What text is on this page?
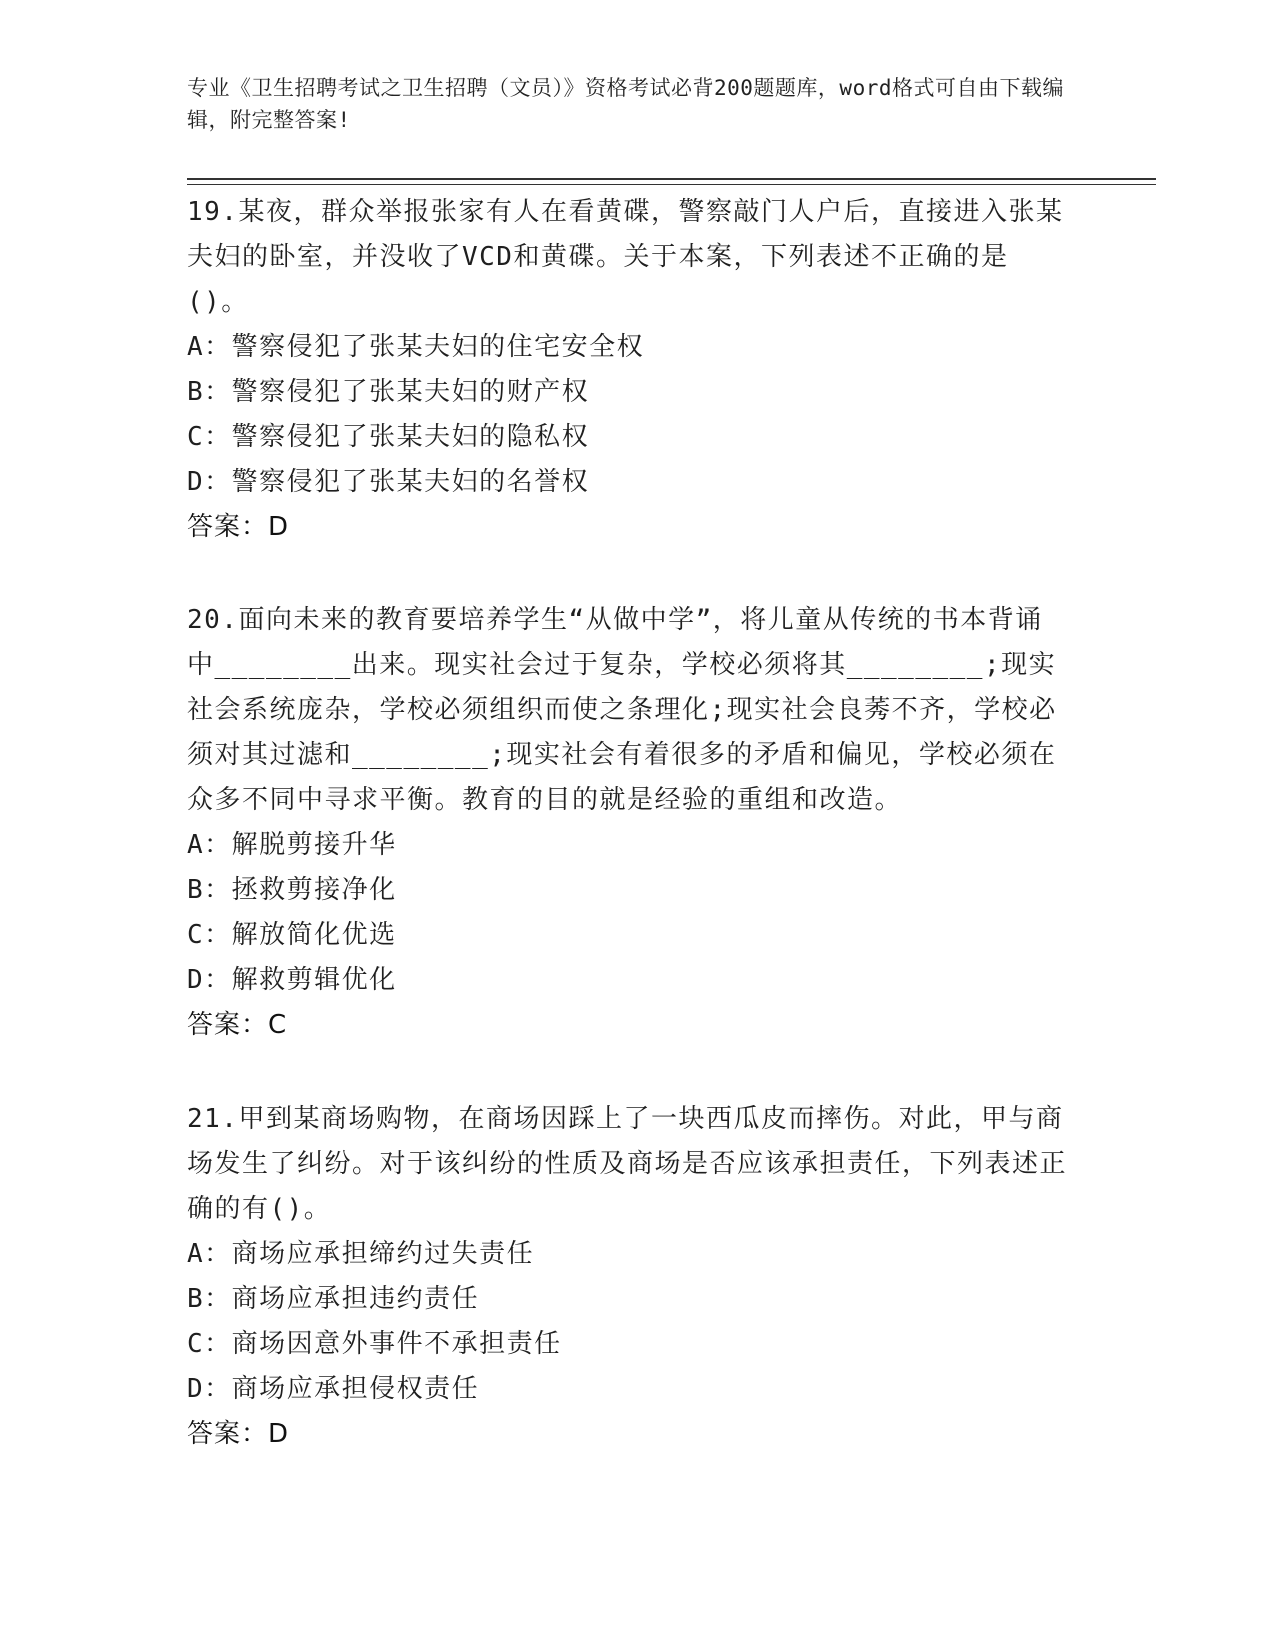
专业《卫生招聘考试之卫生招聘（文员）》资格考试必背200题题库，word格式可自由下载编辑，附完整答案!

19.某夜，群众举报张家有人在看黄碟，警察敲门人户后，直接进入张某夫妇的卧室，并没收了VCD和黄碟。关于本案，下列表述不正确的是()。

A：警察侵犯了张某夫妇的住宅安全权

B：警察侵犯了张某夫妇的财产权

C：警察侵犯了张某夫妇的隐私权

D：警察侵犯了张某夫妇的名誉权

答案：D

20.面向未来的教育要培养学生“从做中学”，将儿童从传统的书本背诵中________出来。现实社会过于复杂，学校必须将其________;现实社会系统庞杂，学校必须组织而使之条理化;现实社会良莠不齐，学校必须对其过滤和________;现实社会有着很多的矛盾和偏见，学校必须在众多不同中寻求平衡。教育的目的就是经验的重组和改造。

A：解脱剪接升华

B：拯救剪接净化

C：解放简化优选

D：解救剪辑优化

答案：C

21.甲到某商场购物，在商场因踩上了一块西瓜皮而摔伤。对此，甲与商场发生了纠纷。对于该纠纷的性质及商场是否应该承担责任，下列表述正确的有()。

A：商场应承担缔约过失责任

B：商场应承担违约责任

C：商场因意外事件不承担责任

D：商场应承担侵权责任

答案：D
